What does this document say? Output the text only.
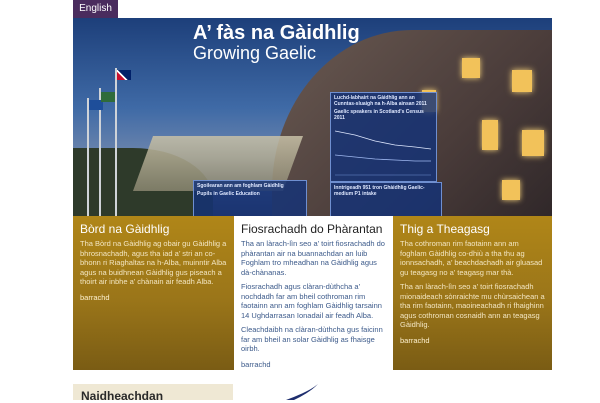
English
A’ fàs na Gàidhlig
Growing Gaelic
Luchd-labhairt na Gàidhlig ann an Cunntas-sluaigh na h-Alba ainsan 2011
Gaelic speakers in Scotland's Census 2011
Sgoilearan ann am foghlam Gàidhlig
Pupils in Gaelic Education
Inntrigeadh 951 tron Ghàidhlig Gaelic-medium P1 intake
Bòrd na Gàidhlig

Tha Bòrd na Gàidhlig ag obair gu Gàidhlig a bhrosnachadh, agus tha iad a’ stri an co-bhonn ri Riaghaltas na h-Alba, muinntir Alba agus na buidhnean Gàidhlig gus piseach a thoirt air inbhe a’ chànain air feadh Alba.

barrachd
Fiosrachadh do Phàrantan

Tha an làrach-lìn seo a’ toirt fiosrachadh do phàrantan air na buannachdan an luib Foghlam tro mheadhan na Gàidhlig agus dà-chànanas.

Fiosrachadh agus clàran-dùthcha a’ nochdadh far am bheil cothroman rim faotainn ann am foghlam Gàidhlig tarsainn 14 Ughdarrasan Ionadail air feadh Alba.

Cleachdaibh na clàran-dùthcha gus faicinn far am bheil an solar Gàidhlig as fhaisge oirbh.

barrachd
Thig a Theagasg

Tha cothroman rim faotainn ann am foghlam Gàidhlig co-dhiù a tha thu ag ionnsachadh, a’ beachdachadh air gluasad gu teagasg no a’ teagasg mar thà.

Tha an làrach-lìn seo a’ toirt fiosrachadh mionaideach sònraichte mu chùrsaichean a tha rim faotainn, maoineachadh ri fhaighinn agus cothroman cosnaidh ann an teagasg Gàidhlig.

barrachd
Naidheachdan
